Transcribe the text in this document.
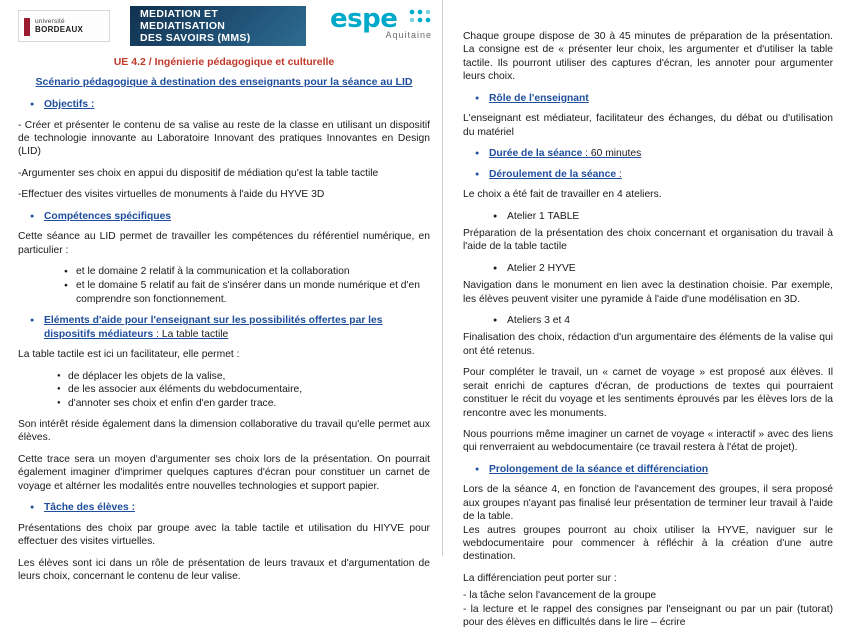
université
BORDEAUX
MEDIATION ET MEDIATISATION
DES SAVOIRS (MMS)
espe
Aquitaine
UE 4.2 / Ingénierie pédagogique et culturelle
Scénario pédagogique à destination des enseignants pour la séance au LID
● Objectifs :

- Créer et présenter le contenu de sa valise au reste de la classe en utilisant un dispositif de technologie innovante au Laboratoire Innovant des pratiques Innovantes en Design (LID)

-Argumenter ses choix en appui du dispositif de médiation qu'est la table tactile

-Effectuer des visites virtuelles de monuments à l'aide du HYVE 3D

● Compétences spécifiques

Cette séance au LID permet de travailler les compétences du référentiel numérique, en particulier :

● et le domaine 2 relatif à la communication et la collaboration
● et le domaine 5 relatif au fait de s'insérer dans un monde numérique et d'en comprendre son fonctionnement.
● Eléments d'aide pour l'enseignant sur les possibilités offertes par les dispositifs médiateurs : La table tactile

La table tactile est ici un facilitateur, elle permet :

● de déplacer les objets de la valise,
● de les associer aux éléments du webdocumentaire,
● d'annoter ses choix et enfin d'en garder trace.

Son intérêt réside également dans la dimension collaborative du travail qu'elle permet aux élèves.

Cette trace sera un moyen d'argumenter ses choix lors de la présentation. On pourrait également imaginer d'imprimer quelques captures d'écran pour constituer un carnet de voyage et altérner les modalités entre nouvelles technologies et support papier.

● Tâche des élèves :

Présentations des choix par groupe avec la table tactile et utilisation du HIYVE pour effectuer des visites virtuelles.

Les élèves sont ici dans un rôle de présentation de leurs travaux et d'argumentation de leurs choix, concernant le contenu de leur valise.

Chaque groupe dispose de 30 à 45 minutes de préparation de la présentation. La consigne est de « présenter leur choix, les argumenter et d'utiliser la table tactile. Ils pourront utiliser des captures d'écran, les annoter pour argumenter leurs choix.

● Rôle de l'enseignant

L'enseignant est médiateur, facilitateur des échanges, du débat ou d'utilisation du matériel

● Durée de la séance : 60 minutes
● Déroulement de la séance :

Le choix a été fait de travailler en 4 ateliers.

● Atelier 1 TABLE

Préparation de la présentation des choix concernant et organisation du travail à l'aide de la table tactile

● Atelier 2 HYVE

Navigation dans le monument en lien avec la destination choisie. Par exemple, les élèves peuvent visiter une pyramide à l'aide d'une modélisation en 3D.

● Ateliers 3 et 4

Finalisation des choix, rédaction d'un argumentaire des éléments de la valise qui ont été retenus.

Pour compléter le travail, un « carnet de voyage » est proposé aux élèves. Il serait enrichi de captures d'écran, de productions de textes qui pourraient constituer le récit du voyage et les sentiments éprouvés par les élèves lors de la rencontre avec les monuments.

Nous pourrions même imaginer un carnet de voyage « interactif » avec des liens qui renverraient au webdocumentaire (ce travail restera à l'état de projet).

● Prolongement de la séance et différenciation

Lors de la séance 4, en fonction de l'avancement des groupes, il sera proposé aux groupes n'ayant pas finalisé leur présentation de terminer leur travail à l'aide de la table.

Les autres groupes pourront au choix utiliser la HYVE, naviguer sur le webdocumentaire pour commencer à réfléchir à la création d'une autre destination.

La différenciation peut porter sur :

- la tâche selon l'avancement de la groupe

- la lecture et le rappel des consignes par l'enseignant ou par un pair (tutorat) pour des élèves en difficultés dans le lire – écrire
